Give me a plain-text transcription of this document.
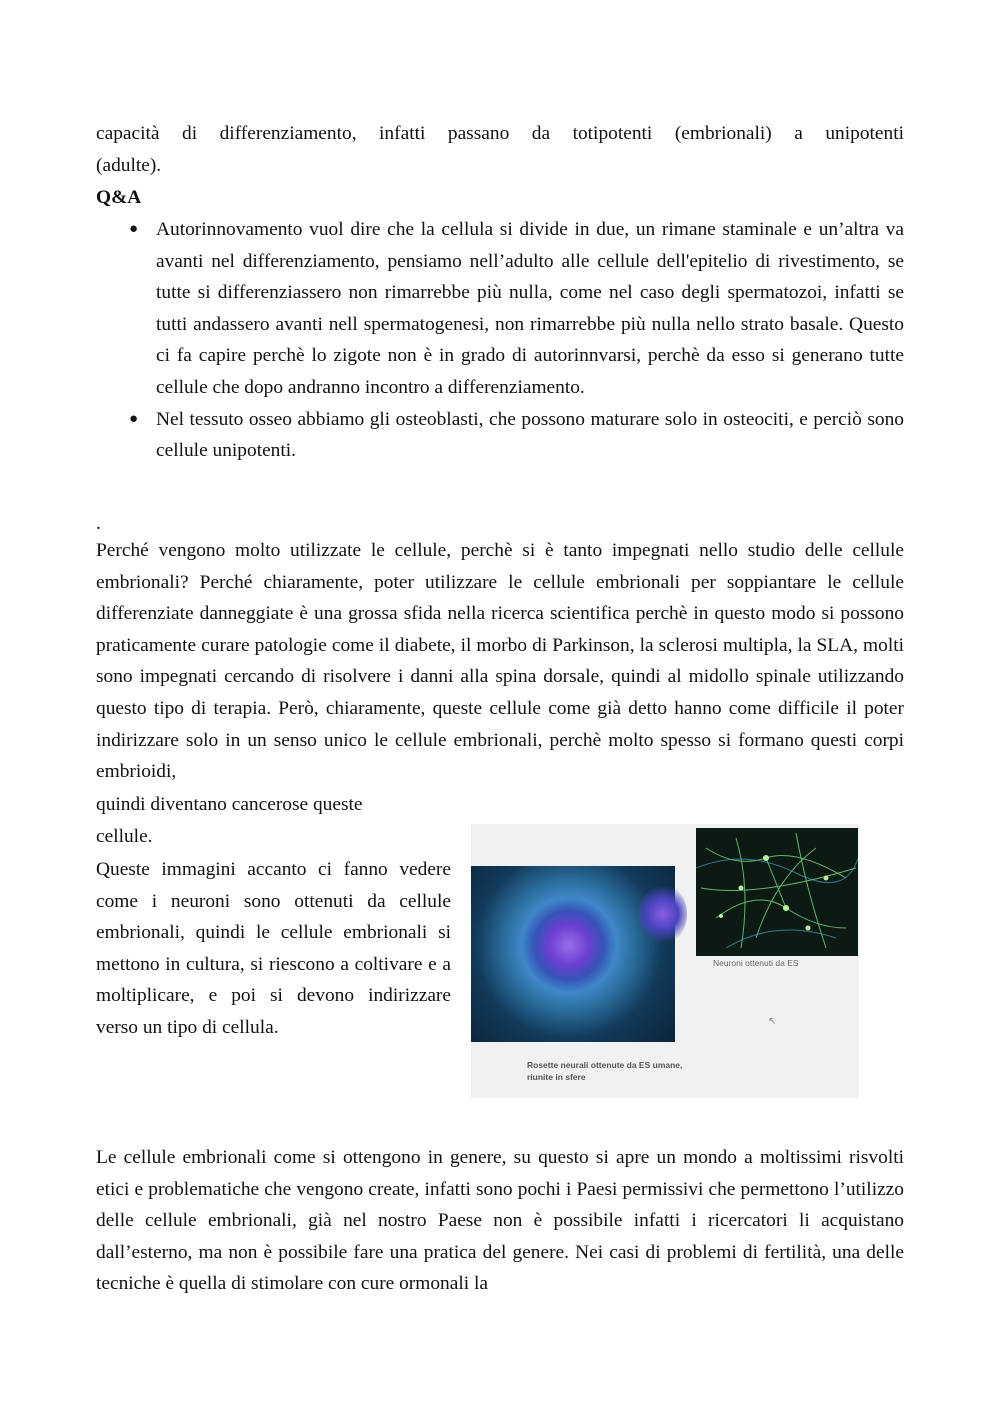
capacità di differenziamento, infatti passano da totipotenti (embrionali) a unipotenti
(adulte).

Q&A

● Autorinnovamento vuol dire che la cellula si divide in due, un rimane staminale e un’altra va avanti nel differenziamento, pensiamo nell’adulto alle cellule dell'epitelio di rivestimento, se tutte si differenziassero non rimarrebbe più nulla, come nel caso degli spermatozoi, infatti se tutti andassero avanti nell spermatogenesi, non rimarrebbe più nulla nello strato basale. Questo ci fa capire perchè lo zigote non è in grado di autorinnvarsi, perchè da esso si generano tutte cellule che dopo andranno incontro a differenziamento.
● Nel tessuto osseo abbiamo gli osteoblasti, che possono maturare solo in osteociti, e perciò sono cellule unipotenti.

.

Perché vengono molto utilizzate le cellule, perchè si è tanto impegnati nello studio delle cellule embrionali? Perché chiaramente, poter utilizzare le cellule embrionali per soppiantare le cellule differenziate danneggiate è una grossa sfida nella ricerca scientifica perchè in questo modo si possono praticamente curare patologie come il diabete, il morbo di Parkinson, la sclerosi multipla, la SLA, molti sono impegnati cercando di risolvere i danni alla spina dorsale, quindi al midollo spinale utilizzando questo tipo di terapia. Però, chiaramente, queste cellule come già detto hanno come difficile il poter indirizzare solo in un senso unico le cellule embrionali, perchè molto spesso si formano questi corpi embrioidi,

quindi diventano cancerose queste
cellule.

Queste immagini accanto ci fanno vedere come i neuroni sono ottenuti da cellule embrionali, quindi le cellule embrionali si mettono in cultura, si riescono a coltivare e a moltiplicare, e poi si devono indirizzare verso un tipo di cellula.

Neuroni ottenuti da ES
↖
Rosette neurali ottenute da ES umane, riunite in sfere

Le cellule embrionali come si ottengono in genere, su questo si apre un mondo a moltissimi risvolti etici e problematiche che vengono create, infatti sono pochi i Paesi permissivi che permettono l’utilizzo delle cellule embrionali, già nel nostro Paese non è possibile infatti i ricercatori li acquistano dall’esterno, ma non è possibile fare una pratica del genere. Nei casi di problemi di fertilità, una delle tecniche è quella di stimolare con cure ormonali la
